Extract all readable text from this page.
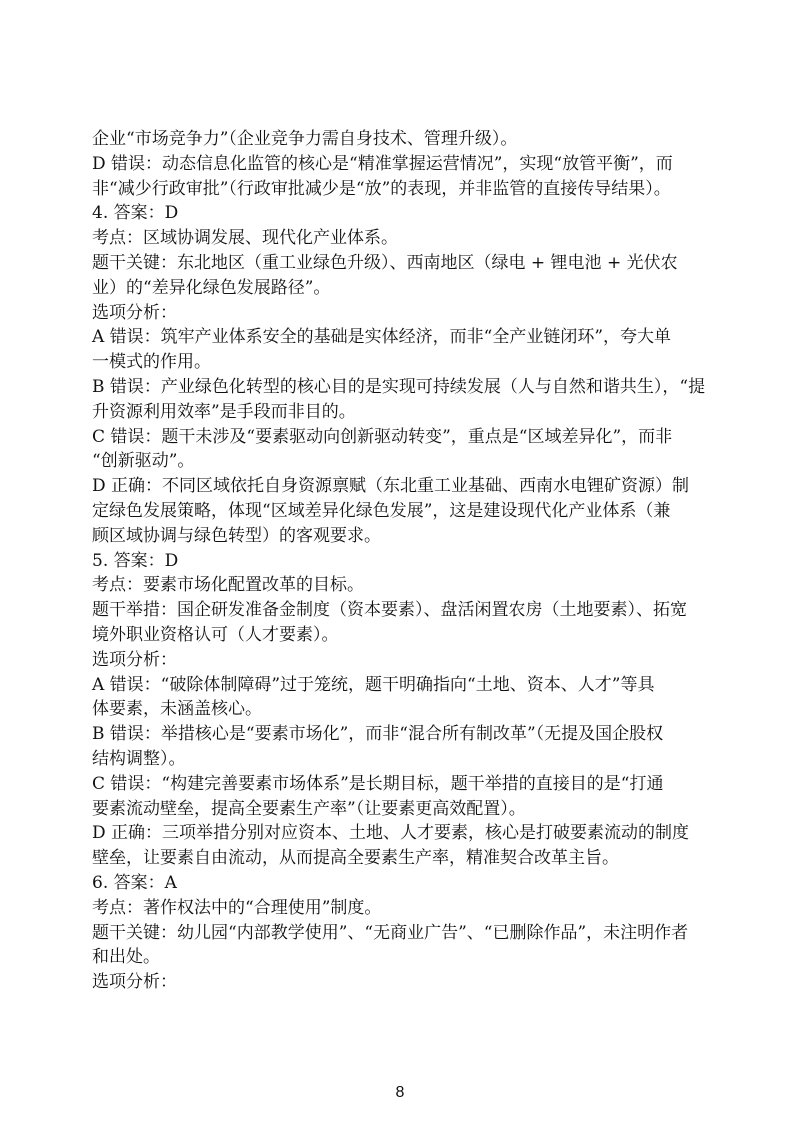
企业“市场竞争力”（企业竞争力需自身技术、管理升级）。
D 错误：动态信息化监管的核心是“精准掌握运营情况”，实现“放管平衡”，而
非“减少行政审批”（行政审批减少是“放”的表现，并非监管的直接传导结果）。
4. 答案：D
考点：区域协调发展、现代化产业体系。
题干关键：东北地区（重工业绿色升级）、西南地区（绿电 + 锂电池 + 光伏农
业）的“差异化绿色发展路径”。
选项分析：
A 错误：筑牢产业体系安全的基础是实体经济，而非“全产业链闭环”，夸大单
一模式的作用。
B 错误：产业绿色化转型的核心目的是实现可持续发展（人与自然和谐共生），“提
升资源利用效率”是手段而非目的。
C 错误：题干未涉及“要素驱动向创新驱动转变”，重点是“区域差异化”，而非
“创新驱动”。
D 正确：不同区域依托自身资源禀赋（东北重工业基础、西南水电锂矿资源）制
定绿色发展策略，体现“区域差异化绿色发展”，这是建设现代化产业体系（兼
顾区域协调与绿色转型）的客观要求。
5. 答案：D
考点：要素市场化配置改革的目标。
题干举措：国企研发准备金制度（资本要素）、盘活闲置农房（土地要素）、拓宽
境外职业资格认可（人才要素）。
选项分析：
A 错误：“破除体制障碍”过于笼统，题干明确指向“土地、资本、人才”等具
体要素，未涵盖核心。
B 错误：举措核心是“要素市场化”，而非“混合所有制改革”（无提及国企股权
结构调整）。
C 错误：“构建完善要素市场体系”是长期目标，题干举措的直接目的是“打通
要素流动壁垒，提高全要素生产率”（让要素更高效配置）。
D 正确：三项举措分别对应资本、土地、人才要素，核心是打破要素流动的制度
壁垒，让要素自由流动，从而提高全要素生产率，精准契合改革主旨。
6. 答案：A
考点：著作权法中的“合理使用”制度。
题干关键：幼儿园“内部教学使用”、“无商业广告”、“已删除作品”，未注明作者
和出处。
选项分析：
8
